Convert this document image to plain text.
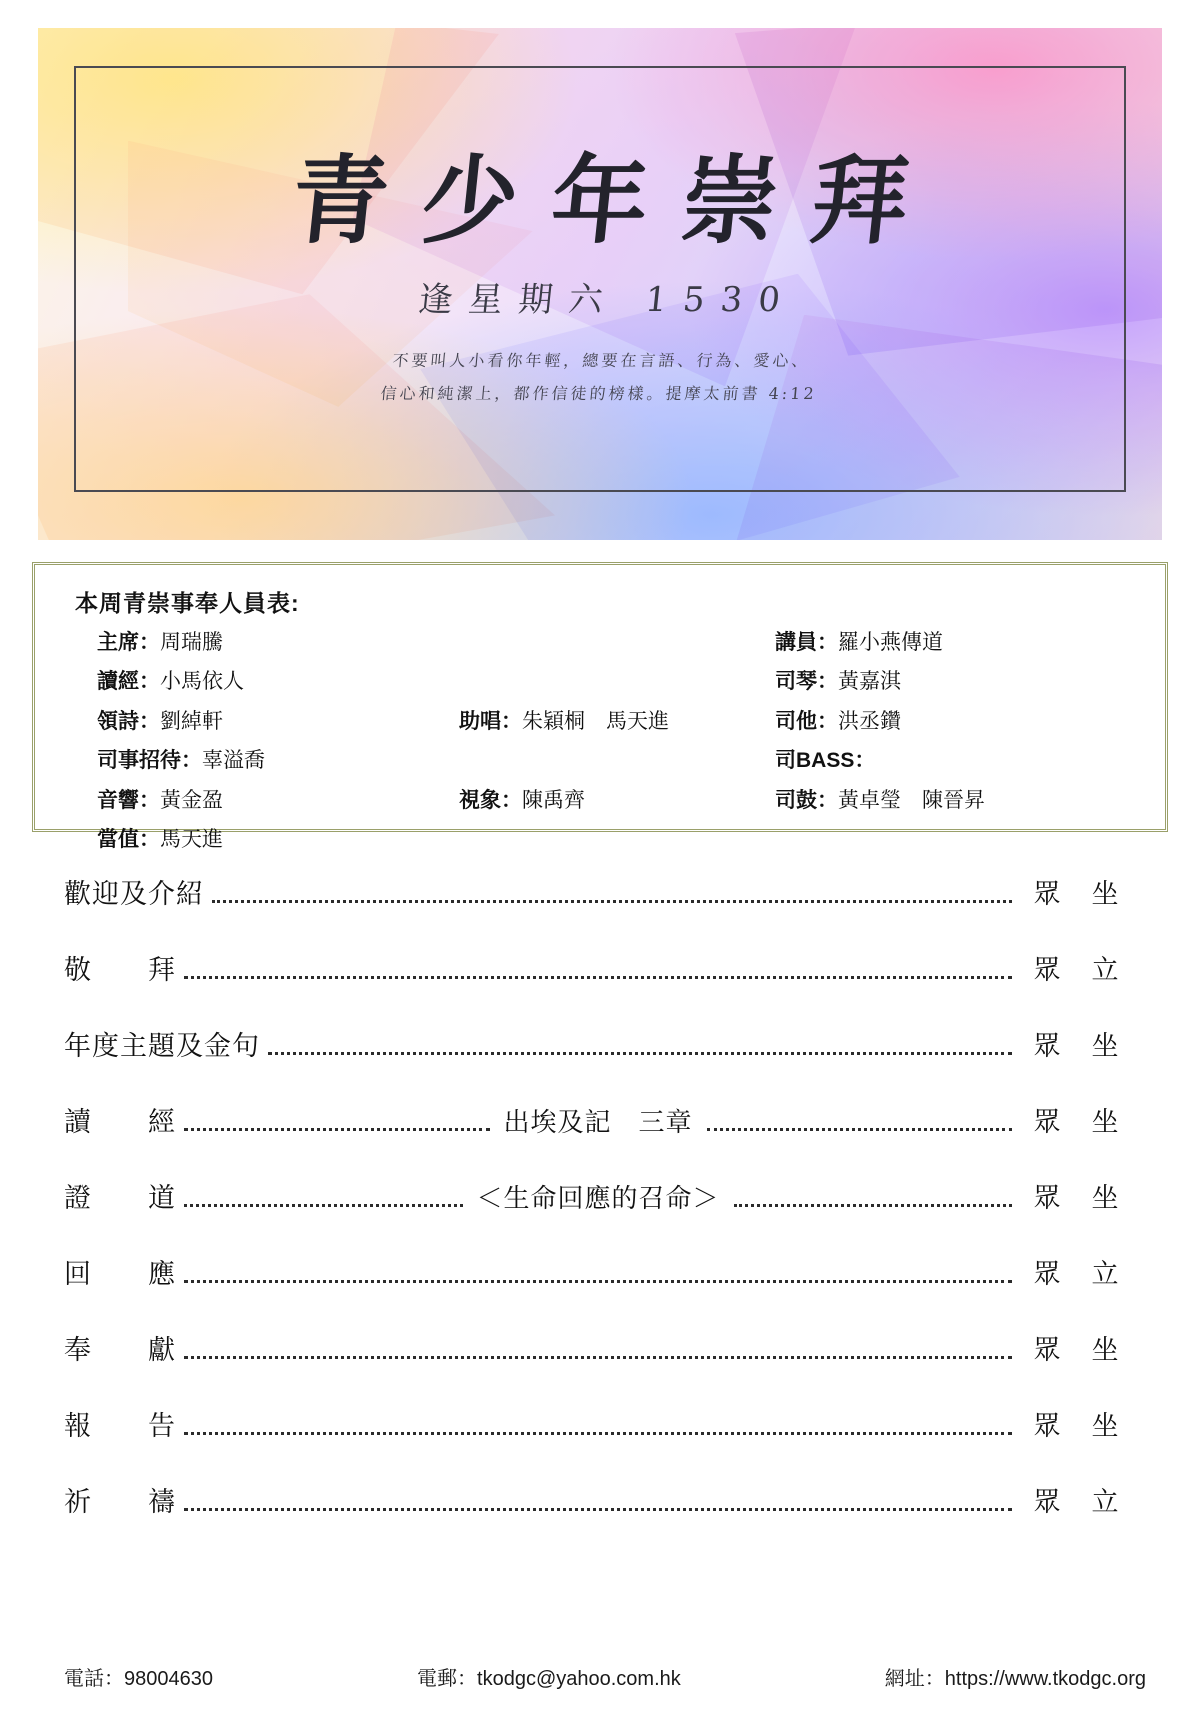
青少年崇拜
逢星期六 1530
不要叫人小看你年輕，總要在言語、行為、愛心、
信心和純潔上，都作信徒的榜樣。提摩太前書 4:12
本周青崇事奉人員表:
主席：周瑞騰	講員：羅小燕傳道
讀經：小馬依人	司琴：黃嘉淇
領詩：劉綽軒	助唱：朱穎桐　馬天進	司他：洪丞鑽
司事招待：辜溢喬	司BASS：
音響：黃金盈	視象：陳禹齊	司鼓：黃卓瑩　陳晉昇
當值：馬天進
歡迎及介紹	眾	坐
敬　　拜	眾	立
年度主題及金句	眾	坐
讀　　經	出埃及記　三章	眾	坐
證　　道	＜生命回應的召命＞	眾	坐
回　　應	眾	立
奉　　獻	眾	坐
報　　告	眾	坐
祈　　禱	眾	立
電話：98004630	電郵：tkodgc@yahoo.com.hk	網址：https://www.tkodgc.org
